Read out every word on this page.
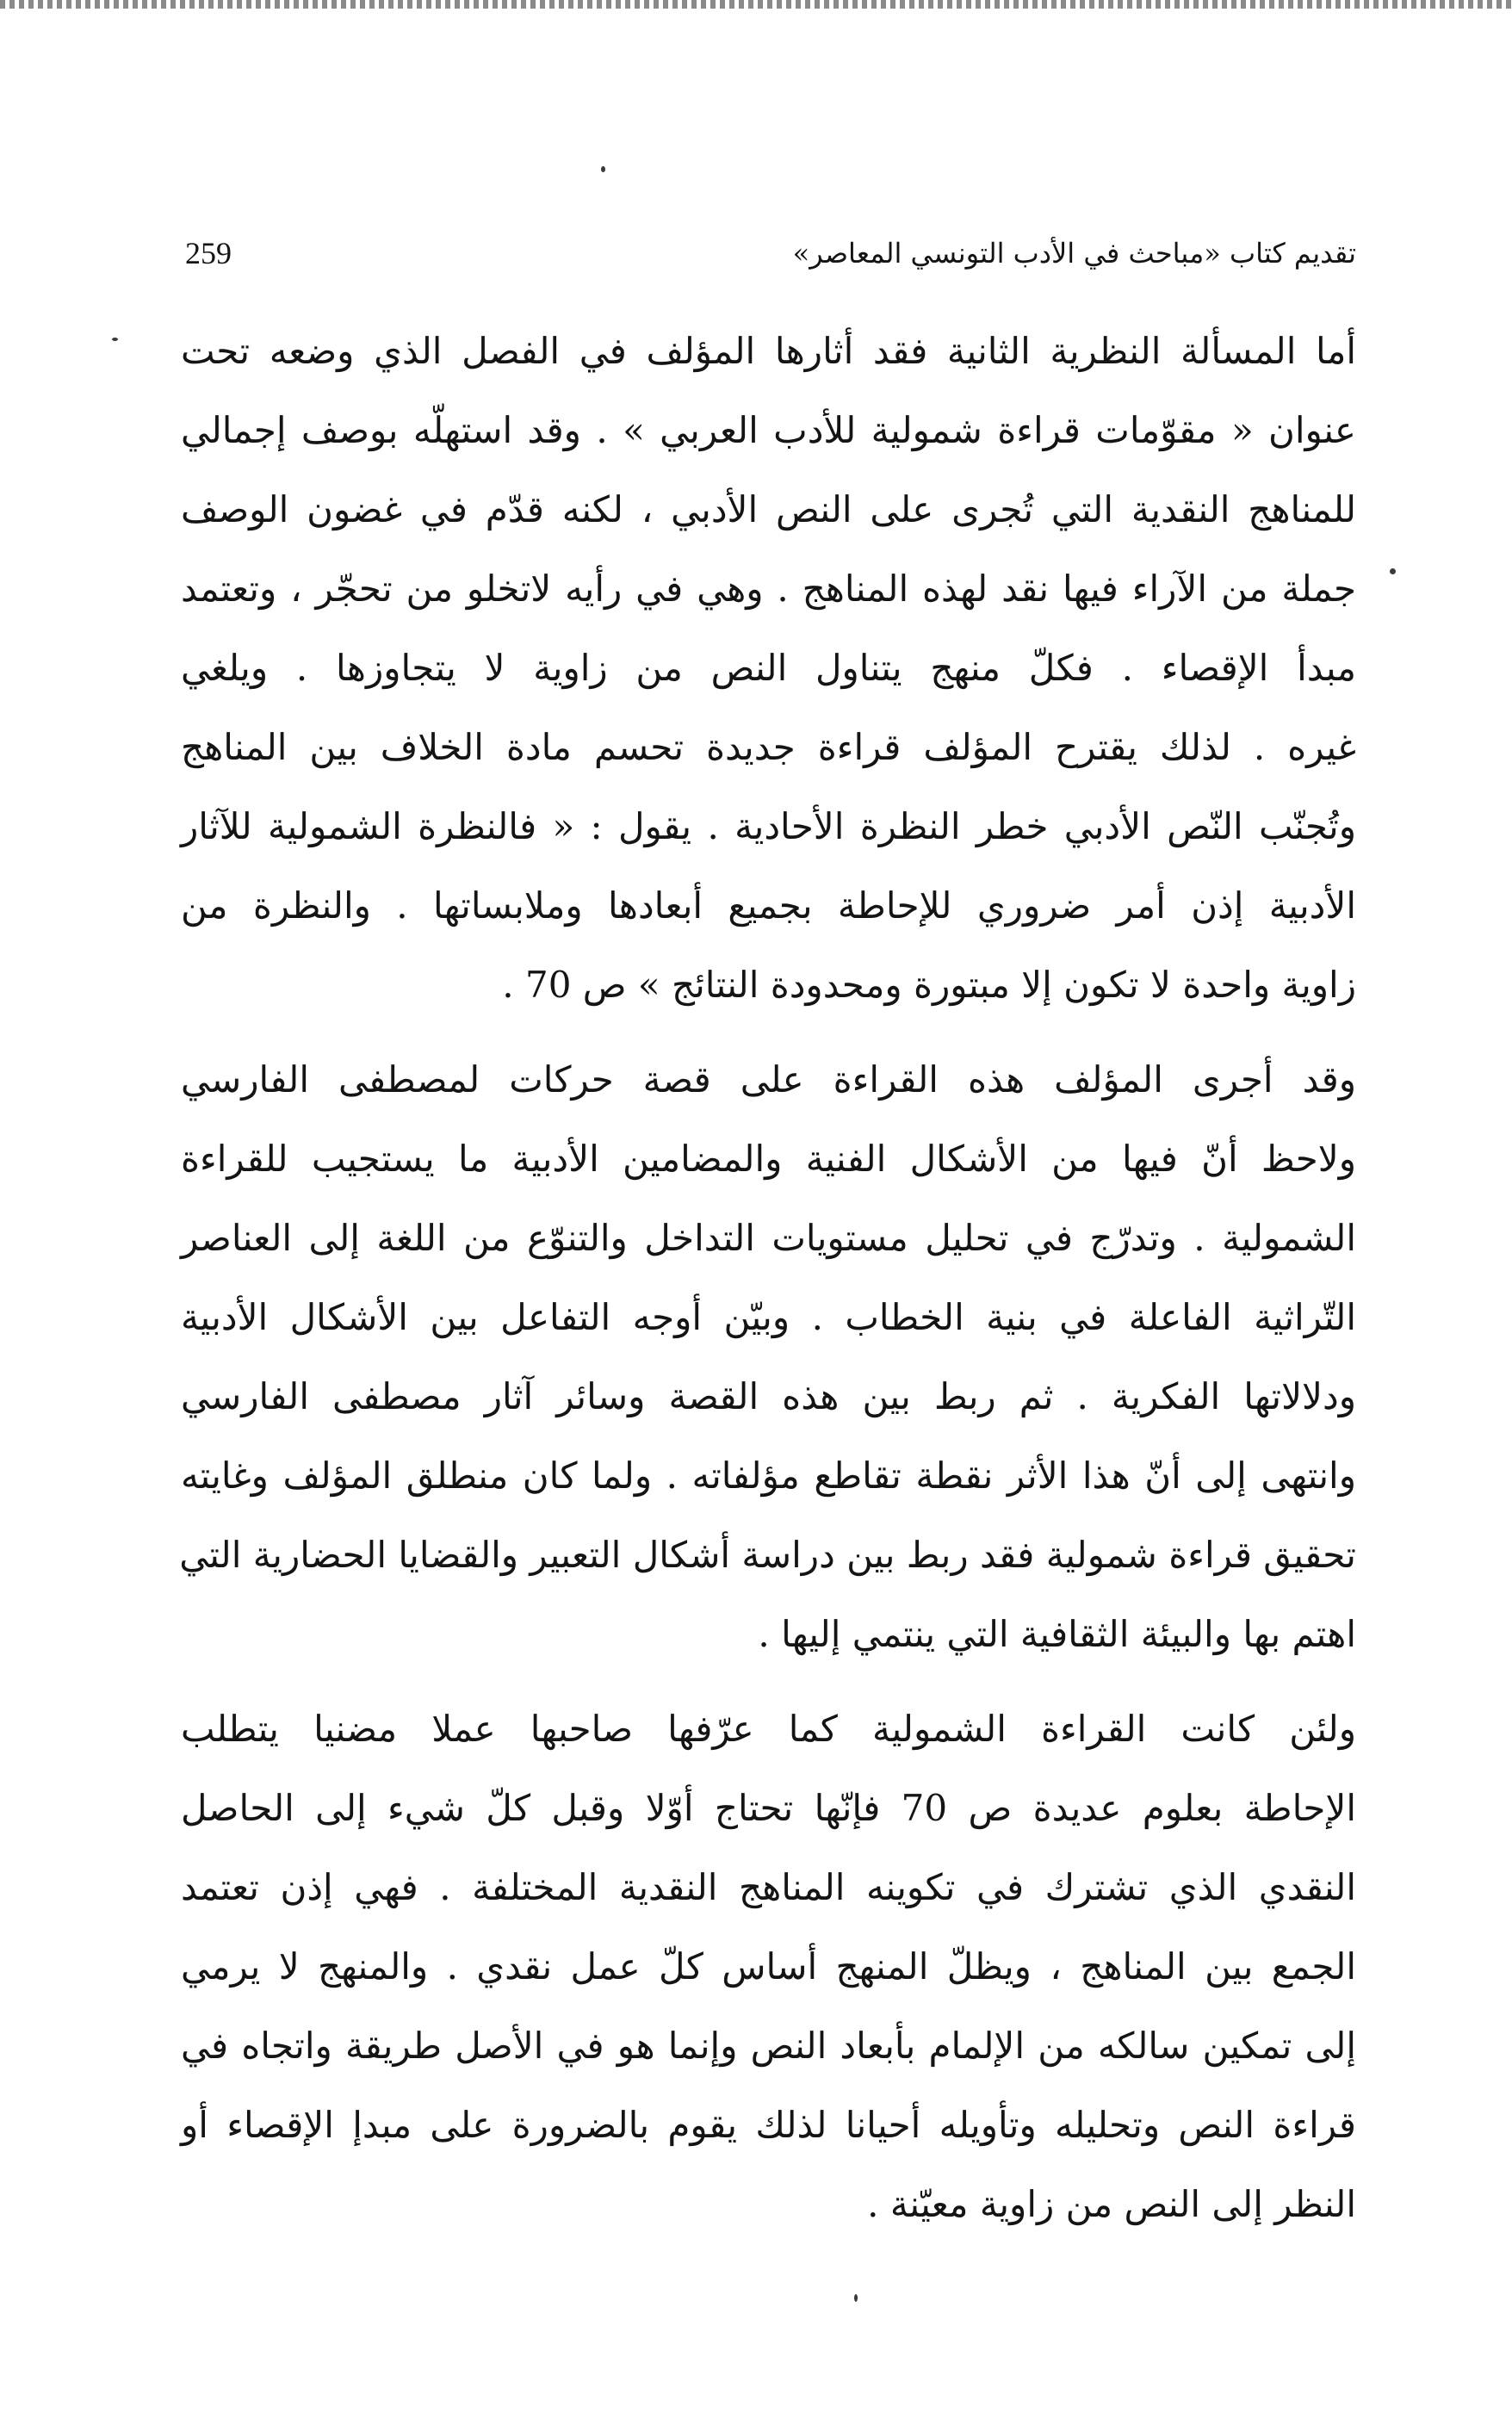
259	تقديم كتاب «مباحث في الأدب التونسي المعاصر»

أما المسألة النظرية الثانية فقد أثارها المؤلف في الفصل الذي وضعه تحت
عنوان « مقوّمات قراءة شمولية للأدب العربي » . وقد استهلّه بوصف إجمالي
للمناهج النقدية التي تُجرى على النص الأدبي ، لكنه قدّم في غضون الوصف
جملة من الآراء فيها نقد لهذه المناهج . وهي في رأيه لاتخلو من تحجّر ، وتعتمد
مبدأ الإقصاء . فكلّ منهج يتناول النص من زاوية لا يتجاوزها . ويلغي
غيره . لذلك يقترح المؤلف قراءة جديدة تحسم مادة الخلاف بين المناهج
وتُجنّب النّص الأدبي خطر النظرة الأحادية . يقول : « فالنظرة الشمولية للآثار
الأدبية إذن أمر ضروري للإحاطة بجميع أبعادها وملابساتها . والنظرة من
زاوية واحدة لا تكون إلا مبتورة ومحدودة النتائج » ص 70 .

وقد أجرى المؤلف هذه القراءة على قصة حركات لمصطفى الفارسي
ولاحظ أنّ فيها من الأشكال الفنية والمضامين الأدبية ما يستجيب للقراءة
الشمولية . وتدرّج في تحليل مستويات التداخل والتنوّع من اللغة إلى العناصر
التّراثية الفاعلة في بنية الخطاب . وبيّن أوجه التفاعل بين الأشكال الأدبية
ودلالاتها الفكرية . ثم ربط بين هذه القصة وسائر آثار مصطفى الفارسي
وانتهى إلى أنّ هذا الأثر نقطة تقاطع مؤلفاته . ولما كان منطلق المؤلف وغايته
تحقيق قراءة شمولية فقد ربط بين دراسة أشكال التعبير والقضايا الحضارية التي
اهتم بها والبيئة الثقافية التي ينتمي إليها .

ولئن كانت القراءة الشمولية كما عرّفها صاحبها عملا مضنيا يتطلب
الإحاطة بعلوم عديدة ص 70 فإنّها تحتاج أوّلا وقبل كلّ شيء إلى الحاصل
النقدي الذي تشترك في تكوينه المناهج النقدية المختلفة . فهي إذن تعتمد
الجمع بين المناهج ، ويظلّ المنهج أساس كلّ عمل نقدي . والمنهج لا يرمي
إلى تمكين سالكه من الإلمام بأبعاد النص وإنما هو في الأصل طريقة واتجاه في
قراءة النص وتحليله وتأويله أحيانا لذلك يقوم بالضرورة على مبدإ الإقصاء أو
النظر إلى النص من زاوية معيّنة .
